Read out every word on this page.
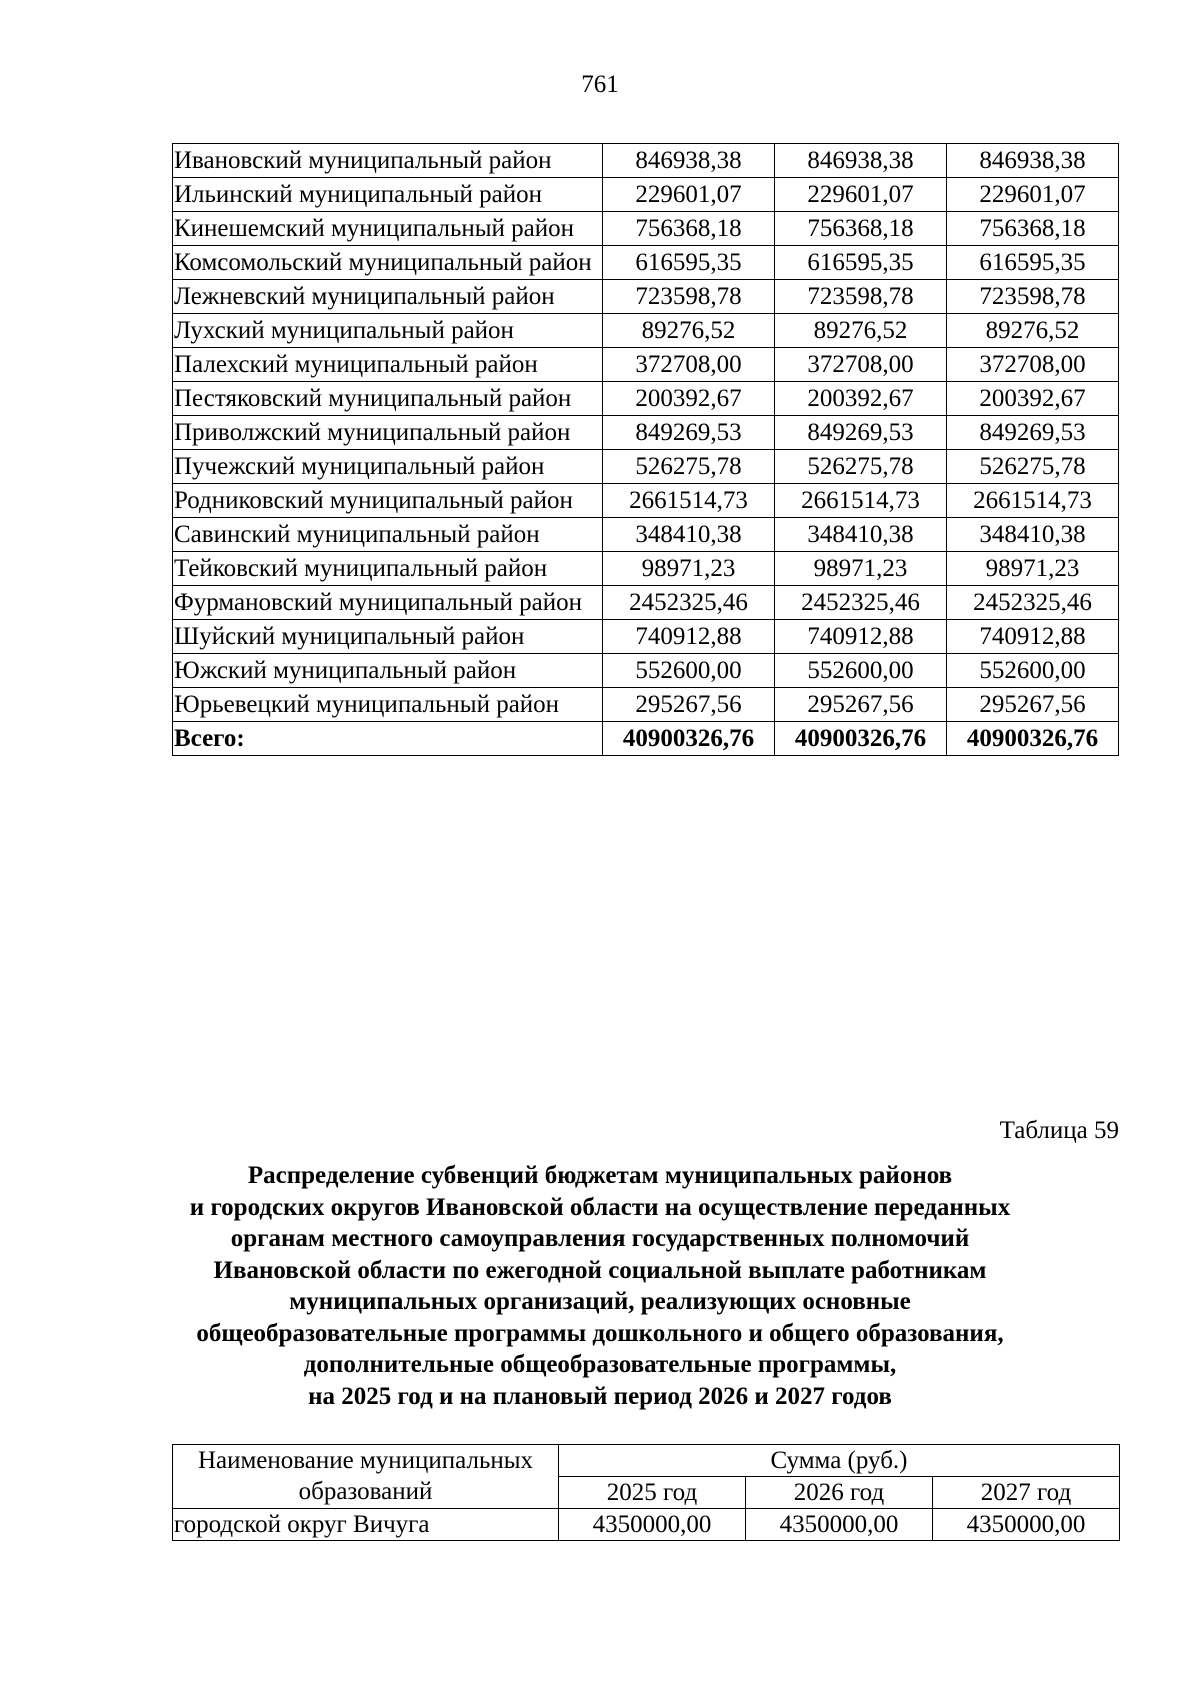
761
Ивановский муниципальный район	846938,38	846938,38	846938,38
Ильинский муниципальный район	229601,07	229601,07	229601,07
Кинешемский муниципальный район	756368,18	756368,18	756368,18
Комсомольский муниципальный район	616595,35	616595,35	616595,35
Лежневский муниципальный район	723598,78	723598,78	723598,78
Лухский муниципальный район	89276,52	89276,52	89276,52
Палехский муниципальный район	372708,00	372708,00	372708,00
Пестяковский муниципальный район	200392,67	200392,67	200392,67
Приволжский муниципальный район	849269,53	849269,53	849269,53
Пучежский муниципальный район	526275,78	526275,78	526275,78
Родниковский муниципальный район	2661514,73	2661514,73	2661514,73
Савинский муниципальный район	348410,38	348410,38	348410,38
Тейковский муниципальный район	98971,23	98971,23	98971,23
Фурмановский муниципальный район	2452325,46	2452325,46	2452325,46
Шуйский муниципальный район	740912,88	740912,88	740912,88
Южский муниципальный район	552600,00	552600,00	552600,00
Юрьевецкий муниципальный район	295267,56	295267,56	295267,56
Всего:	40900326,76	40900326,76	40900326,76
Таблица 59
Распределение субвенций бюджетам муниципальных районов
и городских округов Ивановской области на осуществление переданных
органам местного самоуправления государственных полномочий
Ивановской области по ежегодной социальной выплате работникам
муниципальных организаций, реализующих основные
общеобразовательные программы дошкольного и общего образования,
дополнительные общеобразовательные программы,
на 2025 год и на плановый период 2026 и 2027 годов
Наименование муниципальных образований	Сумма (руб.)		
	2025 год	2026 год	2027 год
городской округ Вичуга	4350000,00	4350000,00	4350000,00
